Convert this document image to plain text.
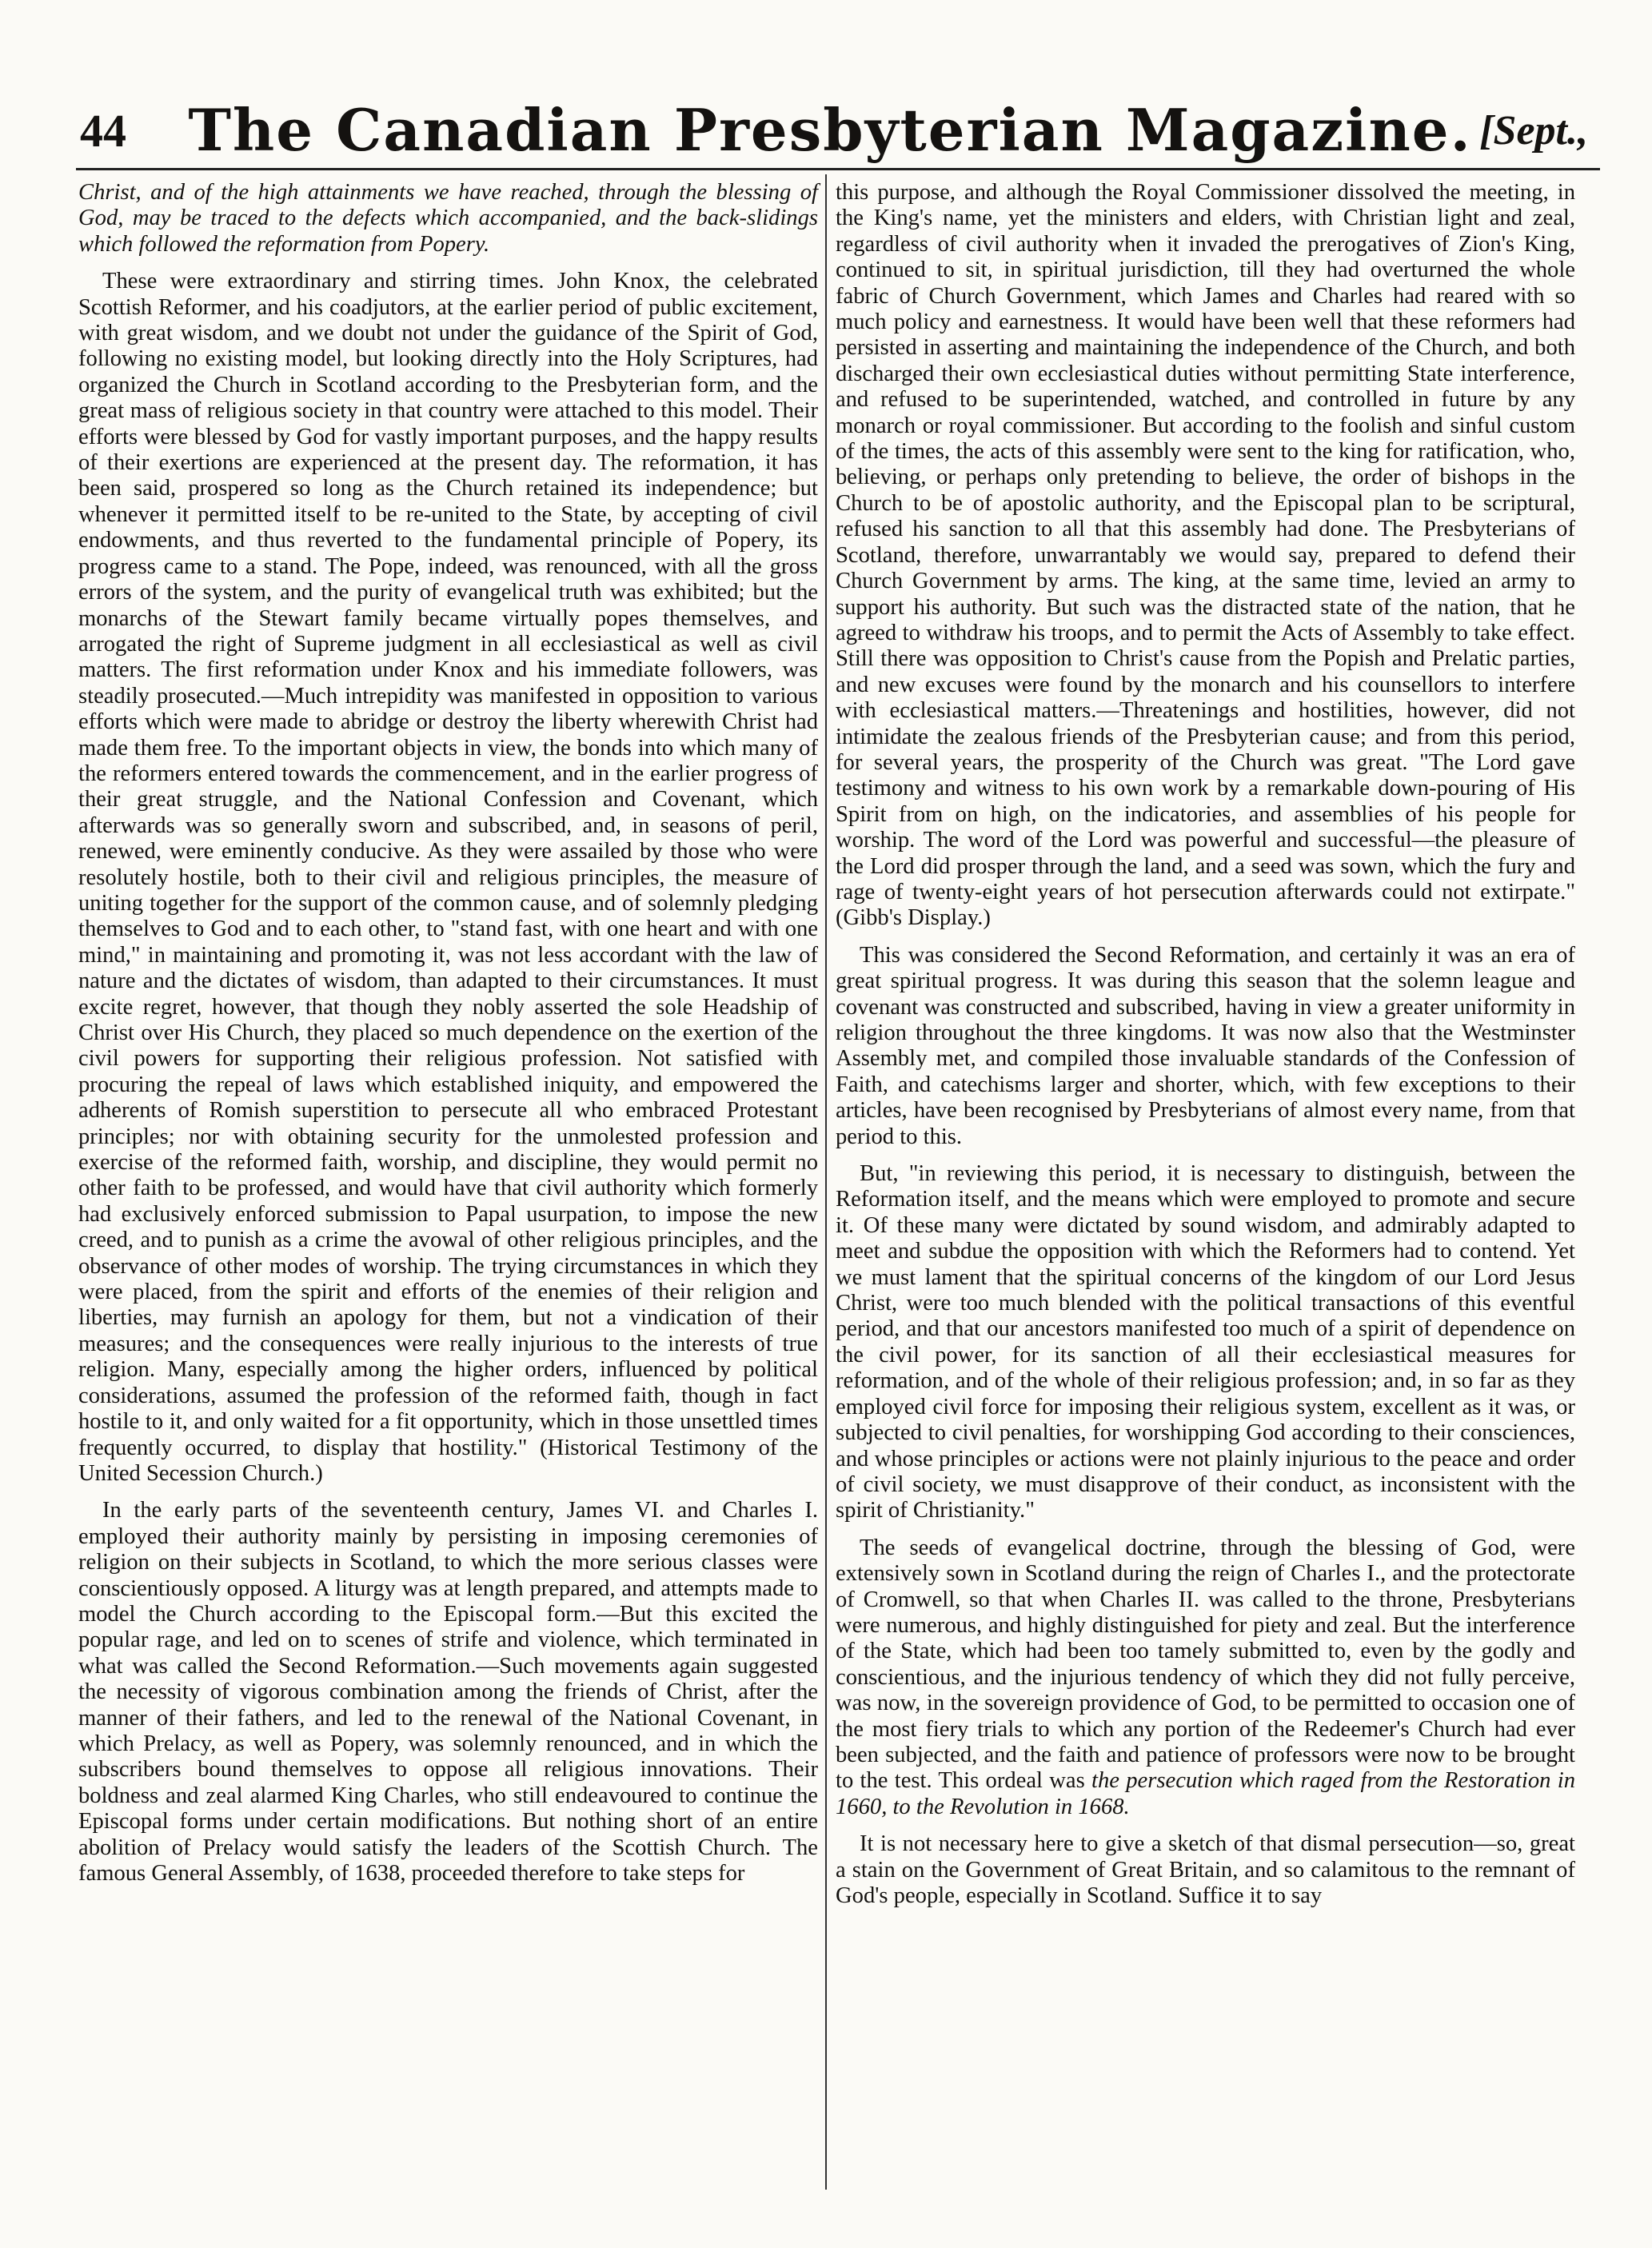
44	The Canadian Presbyterian Magazine. [Sept.,

Christ, and of the high attainments we have reached, through the blessing of God, may be traced to the defects which accompanied, and the back-slidings which followed the reformation from Popery.

These were extraordinary and stirring times. John Knox, the celebrated Scottish Reformer, and his coadjutors, at the earlier period of public excitement, with great wisdom, and we doubt not under the guidance of the Spirit of God, following no existing model, but looking directly into the Holy Scriptures, had organized the Church in Scotland according to the Presbyterian form, and the great mass of religious society in that country were attached to this model. Their efforts were blessed by God for vastly important purposes, and the happy results of their exertions are experienced at the present day. The reformation, it has been said, prospered so long as the Church retained its independence; but whenever it permitted itself to be re-united to the State, by accepting of civil endowments, and thus reverted to the fundamental principle of Popery, its progress came to a stand. The Pope, indeed, was renounced, with all the gross errors of the system, and the purity of evangelical truth was exhibited; but the monarchs of the Stewart family became virtually popes themselves, and arrogated the right of Supreme judgment in all ecclesiastical as well as civil matters. The first reformation under Knox and his immediate followers, was steadily prosecuted.—Much intrepidity was manifested in opposition to various efforts which were made to abridge or destroy the liberty wherewith Christ had made them free. To the important objects in view, the bonds into which many of the reformers entered towards the commencement, and in the earlier progress of their great struggle, and the National Confession and Covenant, which afterwards was so generally sworn and subscribed, and, in seasons of peril, renewed, were eminently conducive. As they were assailed by those who were resolutely hostile, both to their civil and religious principles, the measure of uniting together for the support of the common cause, and of solemnly pledging themselves to God and to each other, to "stand fast, with one heart and with one mind," in maintaining and promoting it, was not less accordant with the law of nature and the dictates of wisdom, than adapted to their circumstances. It must excite regret, however, that though they nobly asserted the sole Headship of Christ over His Church, they placed so much dependence on the exertion of the civil powers for supporting their religious profession. Not satisfied with procuring the repeal of laws which established iniquity, and empowered the adherents of Romish superstition to persecute all who embraced Protestant principles; nor with obtaining security for the unmolested profession and exercise of the reformed faith, worship, and discipline, they would permit no other faith to be professed, and would have that civil authority which formerly had exclusively enforced submission to Papal usurpation, to impose the new creed, and to punish as a crime the avowal of other religious principles, and the observance of other modes of worship. The trying circumstances in which they were placed, from the spirit and efforts of the enemies of their religion and liberties, may furnish an apology for them, but not a vindication of their measures; and the consequences were really injurious to the interests of true religion. Many, especially among the higher orders, influenced by political considerations, assumed the profession of the reformed faith, though in fact hostile to it, and only waited for a fit opportunity, which in those unsettled times frequently occurred, to display that hostility." (Historical Testimony of the United Secession Church.)

In the early parts of the seventeenth century, James VI. and Charles I. employed their authority mainly by persisting in imposing ceremonies of religion on their subjects in Scotland, to which the more serious classes were conscientiously opposed. A liturgy was at length prepared, and attempts made to model the Church according to the Episcopal form.—But this excited the popular rage, and led on to scenes of strife and violence, which terminated in what was called the Second Reformation.—Such movements again suggested the necessity of vigorous combination among the friends of Christ, after the manner of their fathers, and led to the renewal of the National Covenant, in which Prelacy, as well as Popery, was solemnly renounced, and in which the subscribers bound themselves to oppose all religious innovations. Their boldness and zeal alarmed King Charles, who still endeavoured to continue the Episcopal forms under certain modifications. But nothing short of an entire abolition of Prelacy would satisfy the leaders of the Scottish Church. The famous General Assembly, of 1638, proceeded therefore to take steps for

this purpose, and although the Royal Commissioner dissolved the meeting, in the King's name, yet the ministers and elders, with Christian light and zeal, regardless of civil authority when it invaded the prerogatives of Zion's King, continued to sit, in spiritual jurisdiction, till they had overturned the whole fabric of Church Government, which James and Charles had reared with so much policy and earnestness. It would have been well that these reformers had persisted in asserting and maintaining the independence of the Church, and both discharged their own ecclesiastical duties without permitting State interference, and refused to be superintended, watched, and controlled in future by any monarch or royal commissioner. But according to the foolish and sinful custom of the times, the acts of this assembly were sent to the king for ratification, who, believing, or perhaps only pretending to believe, the order of bishops in the Church to be of apostolic authority, and the Episcopal plan to be scriptural, refused his sanction to all that this assembly had done. The Presbyterians of Scotland, therefore, unwarrantably we would say, prepared to defend their Church Government by arms. The king, at the same time, levied an army to support his authority. But such was the distracted state of the nation, that he agreed to withdraw his troops, and to permit the Acts of Assembly to take effect. Still there was opposition to Christ's cause from the Popish and Prelatic parties, and new excuses were found by the monarch and his counsellors to interfere with ecclesiastical matters.—Threatenings and hostilities, however, did not intimidate the zealous friends of the Presbyterian cause; and from this period, for several years, the prosperity of the Church was great. "The Lord gave testimony and witness to his own work by a remarkable down-pouring of His Spirit from on high, on the indicatories, and assemblies of his people for worship. The word of the Lord was powerful and successful—the pleasure of the Lord did prosper through the land, and a seed was sown, which the fury and rage of twenty-eight years of hot persecution afterwards could not extirpate." (Gibb's Display.)

This was considered the Second Reformation, and certainly it was an era of great spiritual progress. It was during this season that the solemn league and covenant was constructed and subscribed, having in view a greater uniformity in religion throughout the three kingdoms. It was now also that the Westminster Assembly met, and compiled those invaluable standards of the Confession of Faith, and catechisms larger and shorter, which, with few exceptions to their articles, have been recognised by Presbyterians of almost every name, from that period to this.

But, "in reviewing this period, it is necessary to distinguish, between the Reformation itself, and the means which were employed to promote and secure it. Of these many were dictated by sound wisdom, and admirably adapted to meet and subdue the opposition with which the Reformers had to contend. Yet we must lament that the spiritual concerns of the kingdom of our Lord Jesus Christ, were too much blended with the political transactions of this eventful period, and that our ancestors manifested too much of a spirit of dependence on the civil power, for its sanction of all their ecclesiastical measures for reformation, and of the whole of their religious profession; and, in so far as they employed civil force for imposing their religious system, excellent as it was, or subjected to civil penalties, for worshipping God according to their consciences, and whose principles or actions were not plainly injurious to the peace and order of civil society, we must disapprove of their conduct, as inconsistent with the spirit of Christianity."

The seeds of evangelical doctrine, through the blessing of God, were extensively sown in Scotland during the reign of Charles I., and the protectorate of Cromwell, so that when Charles II. was called to the throne, Presbyterians were numerous, and highly distinguished for piety and zeal. But the interference of the State, which had been too tamely submitted to, even by the godly and conscientious, and the injurious tendency of which they did not fully perceive, was now, in the sovereign providence of God, to be permitted to occasion one of the most fiery trials to which any portion of the Redeemer's Church had ever been subjected, and the faith and patience of professors were now to be brought to the test. This ordeal was the persecution which raged from the Restoration in 1660, to the Revolution in 1668.

It is not necessary here to give a sketch of that dismal persecution—so, great a stain on the Government of Great Britain, and so calamitous to the remnant of God's people, especially in Scotland. Suffice it to say
